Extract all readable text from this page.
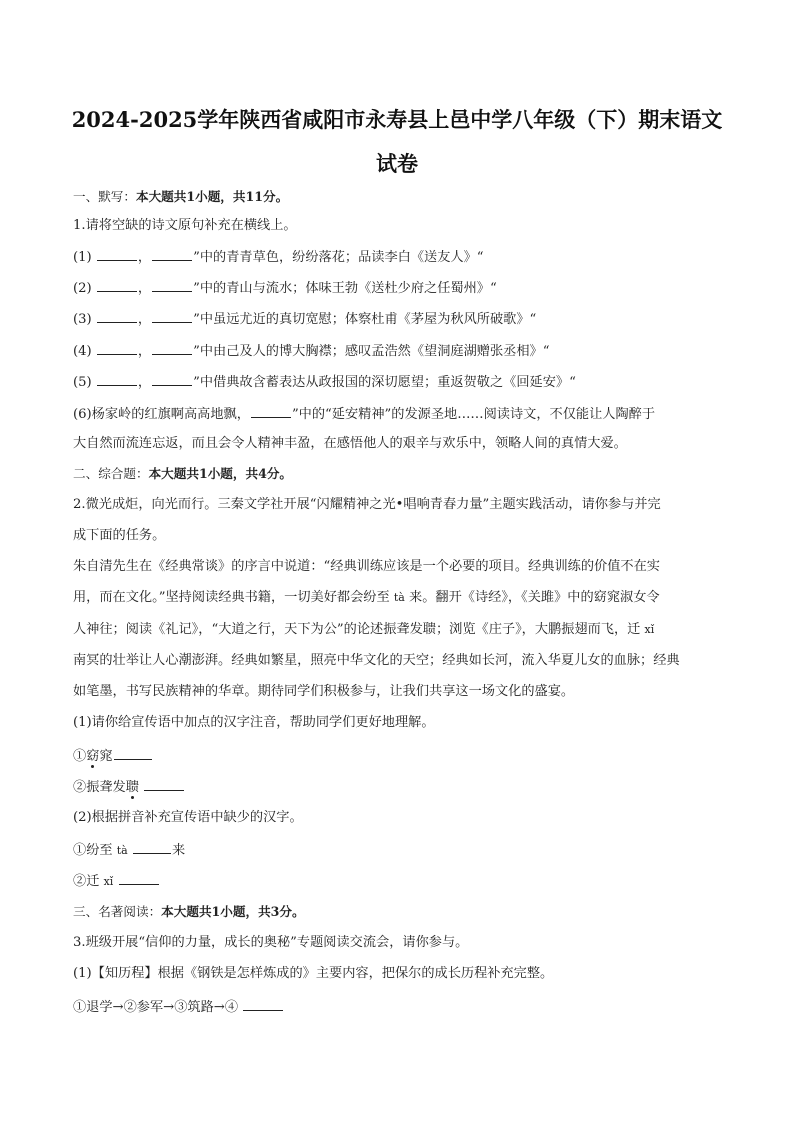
2024-2025学年陕西省咸阳市永寿县上邑中学八年级（下）期末语文
试卷
一、默写：本大题共1小题，共11分。
1.请将空缺的诗文原句补充在横线上。
(1)	，	”中的青青草色，纷纷落花；品读李白《送友人》“
(2)	，	”中的青山与流水；体味王勃《送杜少府之任蜀州》“
(3)	，	”中虽远尤近的真切宽慰；体察杜甫《茅屋为秋风所破歌》“
(4)	，	”中由己及人的博大胸襟；感叹孟浩然《望洞庭湖赠张丞相》“
(5)	，	”中借典故含蓄表达从政报国的深切愿望；重返贺敬之《回延安》“
(6)杨家岭的红旗啊高高地飘，	”中的“延安精神”的发源圣地……阅读诗文，不仅能让人陶醉于
大自然而流连忘返，而且会令人精神丰盈，在感悟他人的艰辛与欢乐中，领略人间的真情大爱。
二、综合题：本大题共1小题，共4分。
2.微光成炬，向光而行。三秦文学社开展“闪耀精神之光•唱响青春力量”主题实践活动，请你参与并完
成下面的任务。
朱自清先生在《经典常谈》的序言中说道：“经典训练应该是一个必要的项目。经典训练的价值不在实
用，而在文化。”坚持阅读经典书籍，一切美好都会纷至 tà 来。翻开《诗经》，《关雎》中的窈窕淑女令
人神往；阅读《礼记》，“大道之行，天下为公”的论述振聋发聩；浏览《庄子》，大鹏振翅而飞，迁 xǐ
南冥的壮举让人心潮澎湃。经典如繁星，照亮中华文化的天空；经典如长河，流入华夏儿女的血脉；经典
如笔墨，书写民族精神的华章。期待同学们积极参与，让我们共享这一场文化的盛宴。
(1)请你给宣传语中加点的汉字注音，帮助同学们更好地理解。
①窈窕
②振聋发聩
(2)根据拼音补充宣传语中缺少的汉字。
①纷至 tà	来
②迁 xǐ
三、名著阅读：本大题共1小题，共3分。
3.班级开展“信仰的力量，成长的奥秘”专题阅读交流会，请你参与。
(1)【知历程】根据《钢铁是怎样炼成的》主要内容，把保尔的成长历程补充完整。
①退学→②参军→③筑路→④
